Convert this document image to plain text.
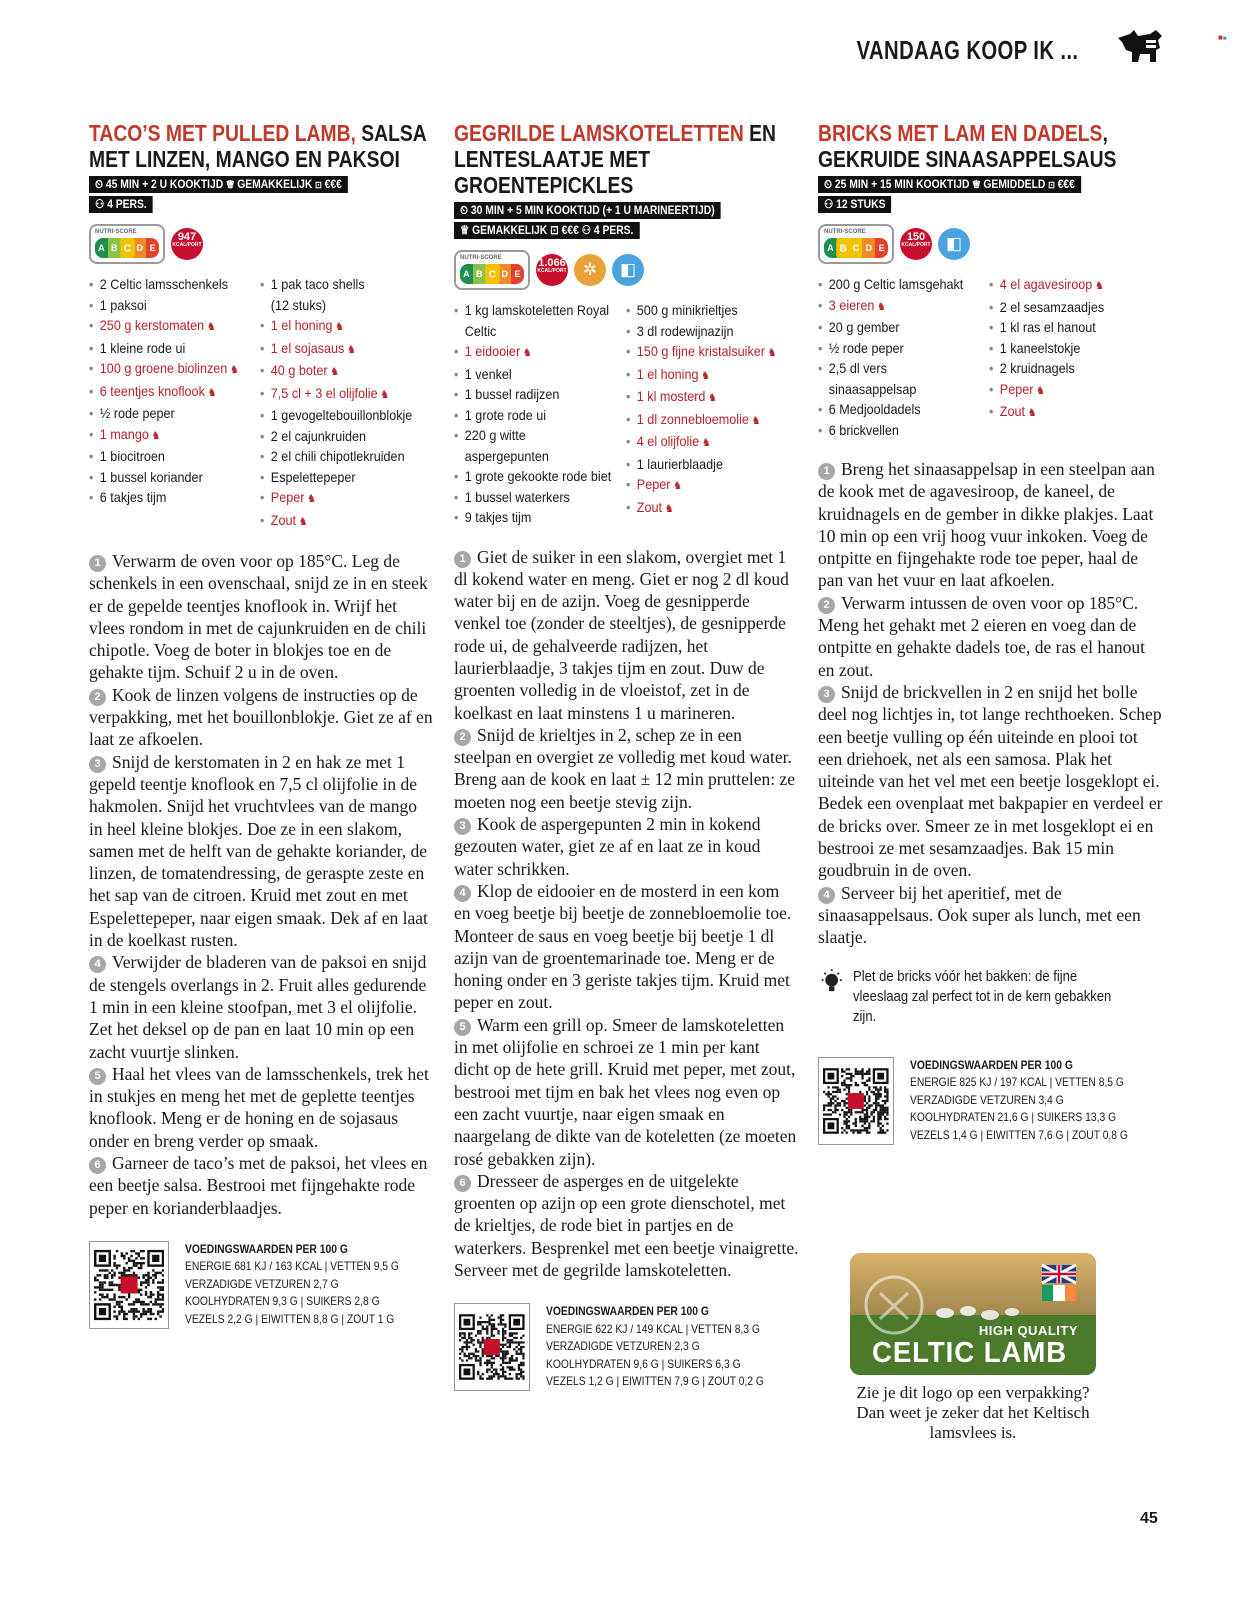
VANDAAG KOOP IK ...	■■
TACO’S MET PULLED LAMB, SALSA MET LINZEN, MANGO EN PAKSOI
⏲ 45 MIN + 2 U KOOKTIJD ♕ GEMAKKELIJK ⊡ €€€
⚇ 4 PERS.
NUTRI-SCORE
A B C D E
947
KCAL/PORT
• 2 Celtic lamsschenkels
• 1 paksoi
• 250 g kerstomaten ♞
• 1 kleine rode ui
• 100 g groene biolinzen ♞
• 6 teentjes knoflook ♞
• ½ rode peper
• 1 mango ♞
• 1 biocitroen
• 1 bussel koriander
• 6 takjes tijm
• 1 pak taco shells
(12 stuks)
• 1 el honing ♞
• 1 el sojasaus ♞
• 40 g boter ♞
• 7,5 cl + 3 el olijfolie ♞
• 1 gevogeltebouillonblokje
• 2 el cajunkruiden
• 2 el chili chipotlekruiden
• Espelettepeper
• Peper ♞
• Zout ♞

1 Verwarm de oven voor op 185°C. Leg de schenkels in een ovenschaal, snijd ze in en steek er de gepelde teentjes knoflook in. Wrijf het vlees rondom in met de cajunkruiden en de chili chipotle. Voeg de boter in blokjes toe en de gehakte tijm. Schuif 2 u in de oven.

2 Kook de linzen volgens de instructies op de verpakking, met het bouillonblokje. Giet ze af en laat ze afkoelen.

3 Snijd de kerstomaten in 2 en hak ze met 1 gepeld teentje knoflook en 7,5 cl olijfolie in de hakmolen. Snijd het vruchtvlees van de mango in heel kleine blokjes. Doe ze in een slakom, samen met de helft van de gehakte koriander, de linzen, de tomatendressing, de geraspte zeste en het sap van de citroen. Kruid met zout en met Espelettepeper, naar eigen smaak. Dek af en laat in de koelkast rusten.

4 Verwijder de bladeren van de paksoi en snijd de stengels overlangs in 2. Fruit alles gedurende 1 min in een kleine stoofpan, met 3 el olijfolie. Zet het deksel op de pan en laat 10 min op een zacht vuurtje slinken.

5 Haal het vlees van de lamsschenkels, trek het in stukjes en meng het met de geplette teentjes knoflook. Meng er de honing en de sojasaus onder en breng verder op smaak.

6 Garneer de taco’s met de paksoi, het vlees en een beetje salsa. Bestrooi met fijngehakte rode peper en korianderblaadjes.

VOEDINGSWAARDEN PER 100 G
ENERGIE 681 KJ / 163 KCAL | VETTEN 9,5 G
VERZADIGDE VETZUREN 2,7 G
KOOLHYDRATEN 9,3 G | SUIKERS 2,8 G
VEZELS 2,2 G | EIWITTEN 8,8 G | ZOUT 1 G
GEGRILDE LAMSKOTELETTEN EN LENTESLAATJE MET GROENTEPICKLES
⏲ 30 MIN + 5 MIN KOOKTIJD (+ 1 U MARINEERTIJD)
♕ GEMAKKELIJK ⊡ €€€ ⚇ 4 PERS.
NUTRI-SCORE
A B C D E
1.066
KCAL/PORT ✲	◧
• 1 kg lamskoteletten Royal
Celtic
• 1 eidooier ♞
• 1 venkel
• 1 bussel radijzen
• 1 grote rode ui
• 220 g witte
aspergepunten
• 1 grote gekookte rode biet
• 1 bussel waterkers
• 9 takjes tijm
• 500 g minikrieltjes
• 3 dl rodewijnazijn
• 150 g fijne kristalsuiker ♞
• 1 el honing ♞
• 1 kl mosterd ♞
• 1 dl zonnebloemolie ♞
• 4 el olijfolie ♞
• 1 laurierblaadje
• Peper ♞
• Zout ♞

1 Giet de suiker in een slakom, overgiet met 1 dl kokend water en meng. Giet er nog 2 dl koud water bij en de azijn. Voeg de gesnipperde venkel toe (zonder de steeltjes), de gesnipperde rode ui, de gehalveerde radijzen, het laurierblaadje, 3 takjes tijm en zout. Duw de groenten volledig in de vloeistof, zet in de koelkast en laat minstens 1 u marineren.

2 Snijd de krieltjes in 2, schep ze in een steelpan en overgiet ze volledig met koud water. Breng aan de kook en laat ± 12 min pruttelen: ze moeten nog een beetje stevig zijn.

3 Kook de aspergepunten 2 min in kokend gezouten water, giet ze af en laat ze in koud water schrikken.

4 Klop de eidooier en de mosterd in een kom en voeg beetje bij beetje de zonnebloemolie toe. Monteer de saus en voeg beetje bij beetje 1 dl azijn van de groentemarinade toe. Meng er de honing onder en 3 geriste takjes tijm. Kruid met peper en zout.

5 Warm een grill op. Smeer de lamskoteletten in met olijfolie en schroei ze 1 min per kant dicht op de hete grill. Kruid met peper, met zout, bestrooi met tijm en bak het vlees nog even op een zacht vuurtje, naar eigen smaak en naargelang de dikte van de koteletten (ze moeten rosé gebakken zijn).

6 Dresseer de asperges en de uitgelekte groenten op azijn op een grote dienschotel, met de krieltjes, de rode biet in partjes en de waterkers. Besprenkel met een beetje vinaigrette. Serveer met de gegrilde lamskoteletten.

VOEDINGSWAARDEN PER 100 G
ENERGIE 622 KJ / 149 KCAL | VETTEN 8,3 G
VERZADIGDE VETZUREN 2,3 G
KOOLHYDRATEN 9,6 G | SUIKERS 6,3 G
VEZELS 1,2 G | EIWITTEN 7,9 G | ZOUT 0,2 G
BRICKS MET LAM EN DADELS, GEKRUIDE SINAASAPPELSAUS
⏲ 25 MIN + 15 MIN KOOKTIJD ♕ GEMIDDELD ⊡ €€€
⚇ 12 STUKS
NUTRI-SCORE
A B C D E
150
KCAL/PORT ◧
• 200 g Celtic lamsgehakt
• 3 eieren ♞
• 20 g gember
• ½ rode peper
• 2,5 dl vers
sinaasappelsap
• 6 Medjooldadels
• 6 brickvellen
• 4 el agavesiroop ♞
• 2 el sesamzaadjes
• 1 kl ras el hanout
• 1 kaneelstokje
• 2 kruidnagels
• Peper ♞
• Zout ♞

1 Breng het sinaasappelsap in een steelpan aan de kook met de agavesiroop, de kaneel, de kruidnagels en de gember in dikke plakjes. Laat 10 min op een vrij hoog vuur inkoken. Voeg de ontpitte en fijngehakte rode toe peper, haal de pan van het vuur en laat afkoelen.

2 Verwarm intussen de oven voor op 185°C. Meng het gehakt met 2 eieren en voeg dan de ontpitte en gehakte dadels toe, de ras el hanout en zout.

3 Snijd de brickvellen in 2 en snijd het bolle deel nog lichtjes in, tot lange rechthoeken. Schep een beetje vulling op één uiteinde en plooi tot een driehoek, net als een samosa. Plak het uiteinde van het vel met een beetje losgeklopt ei. Bedek een ovenplaat met bakpapier en verdeel er de bricks over. Smeer ze in met losgeklopt ei en bestrooi ze met sesamzaadjes. Bak 15 min goudbruin in de oven.

4 Serveer bij het aperitief, met de sinaasappelsaus. Ook super als lunch, met een slaatje.

Plet de bricks vóór het bakken: de fijne vleeslaag zal perfect tot in de kern gebakken zijn.
VOEDINGSWAARDEN PER 100 G
ENERGIE 825 KJ / 197 KCAL | VETTEN 8,5 G
VERZADIGDE VETZUREN 3,4 G
KOOLHYDRATEN 21,6 G | SUIKERS 13,3 G
VEZELS 1,4 G | EIWITTEN 7,6 G | ZOUT 0,8 G
HIGH QUALITY
CELTIC LAMB
Zie je dit logo op een verpakking? Dan weet je zeker dat het Keltisch lamsvlees is.
45
